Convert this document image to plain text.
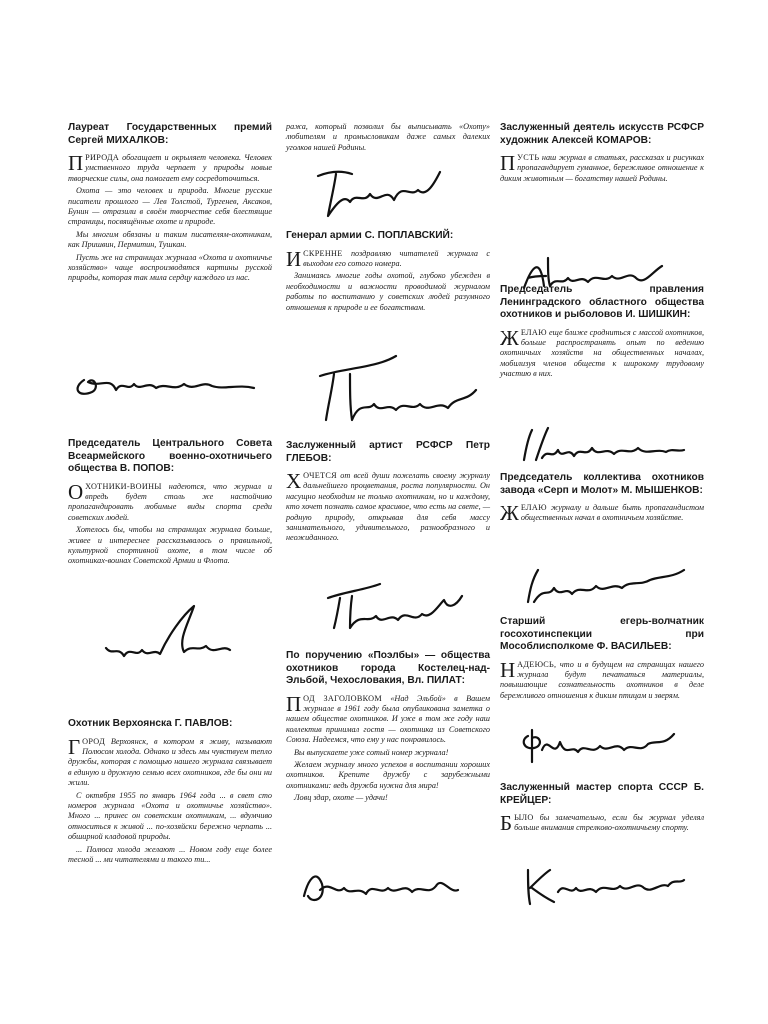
Лауреат Государственных премий Сергей МИХАЛКОВ:

ПРИРОДА обогащает и окрыляет человека. Человек умственного труда черпает у природы новые творческие силы, она помогает ему сосредоточиться.

Охота — это человек и природа. Многие русские писатели прошлого — Лев Толстой, Тургенев, Аксаков, Бунин — отразили в своём творчестве себя блестящие страницы, посвящённые охоте и природе.

Мы многим обязаны и таким писателям-охотникам, как Пришвин, Пермитин, Тушкан.

Пусть же на страницах журнала «Охота и охотничье хозяйство» чаще воспроизводятся картины русской природы, которая так мила сердцу каждого из нас.

Председатель Центрального Совета Всеармейского военно-охотничьего общества В. ПОПОВ:

ОХОТНИКИ-ВОИНЫ надеются, что журнал и впредь будет столь же настойчиво пропагандировать любимые виды спорта среди советских людей.

Хотелось бы, чтобы на страницах журнала больше, живее и интереснее рассказывалось о правильной, культурной спортивной охоте, в том числе об охотниках-воинах Советской Армии и Флота.

Охотник Верхоянска Г. ПАВЛОВ:

ГОРОД Верхоянск, в котором я живу, называют Полюсом холода. Однако и здесь мы чувствуем тепло дружбы, которая с помощью нашего журнала связывает в единую и дружную семью всех охотников, где бы они ни жили.

С октября 1955 по январь 1964 года ... в свет сто номеров журнала «Охота и охотничье хозяйство». Много ... принес он советским охотникам, ... вдумчиво относиться к живой ... по-хозяйски бережно черпать ... обширной кладовой природы.

... Полюса холода желают ... Новом году еще более тесной ... ми читателями и такого ти...

ража, который позволил бы выписывать «Охоту» любителям и промысловикам даже самых далеких уголков нашей Родины.

Генерал армии С. ПОПЛАВСКИЙ:

ИСКРЕННЕ поздравляю читателей журнала с выходом его сотого номера.

Занимаясь многие годы охотой, глубоко убежден в необходимости и важности проводимой журналом работы по воспитанию у советских людей разумного отношения к природе и ее богатствам.

Заслуженный артист РСФСР Петр ГЛЕБОВ:

ХОЧЕТСЯ от всей души пожелать своему журналу дальнейшего процветания, роста популярности. Он насущно необходим не только охотникам, но и каждому, кто хочет познать самое красивое, что есть на свете, — родную природу, открывая для себя массу занимательного, удивительного, разнообразного и неожиданного.

По поручению «Поэлбы» — общества охотников города Костелец-над-Эльбой, Чехословакия, Вл. ПИЛАТ:

ПОД ЗАГОЛОВКОМ «Над Эльбой» в Вашем журнале в 1961 году была опубликована заметка о нашем обществе охотников. И уже в том же году наш коллектив принимал гостя — охотника из Советского Союза. Надеемся, что ему у нас понравилось.

Вы выпускаете уже сотый номер журнала!

Желаем журналу много успехов в воспитании хороших охотников. Крепите дружбу с зарубежными охотниками: ведь дружба нужна для мира!

Ловц здар, охоте — удачи!

Заслуженный деятель искусств РСФСР художник Алексей КОМАРОВ:

ПУСТЬ наш журнал в статьях, рассказах и рисунках пропагандирует гуманное, бережливое отношение к диким животным — богатству нашей Родины.

Председатель правления Ленинградского областного общества охотников и рыболовов И. ШИШКИН:

ЖЕЛАЮ еще ближе сродниться с массой охотников, больше распространять опыт по ведению охотничьих хозяйств на общественных началах, мобилизуя членов обществ к широкому трудовому участию в них.

Председатель коллектива охотников завода «Серп и Молот» М. МЫШЕНКОВ:

ЖЕЛАЮ журналу и дальше быть пропагандистом общественных начал в охотничьем хозяйстве.

Старший егерь-волчатник госохотинспекции при Мособлисполкоме Ф. ВАСИЛЬЕВ:

НАДЕЮСЬ, что и в будущем на страницах нашего журнала будут печататься материалы, повышающие сознательность охотников в деле бережливого отношения к диким птицам и зверям.

Заслуженный мастер спорта СССР Б. КРЕЙЦЕР:

БЫЛО бы замечательно, если бы журнал уделял больше внимания стрелково-охотничьему спорту.
